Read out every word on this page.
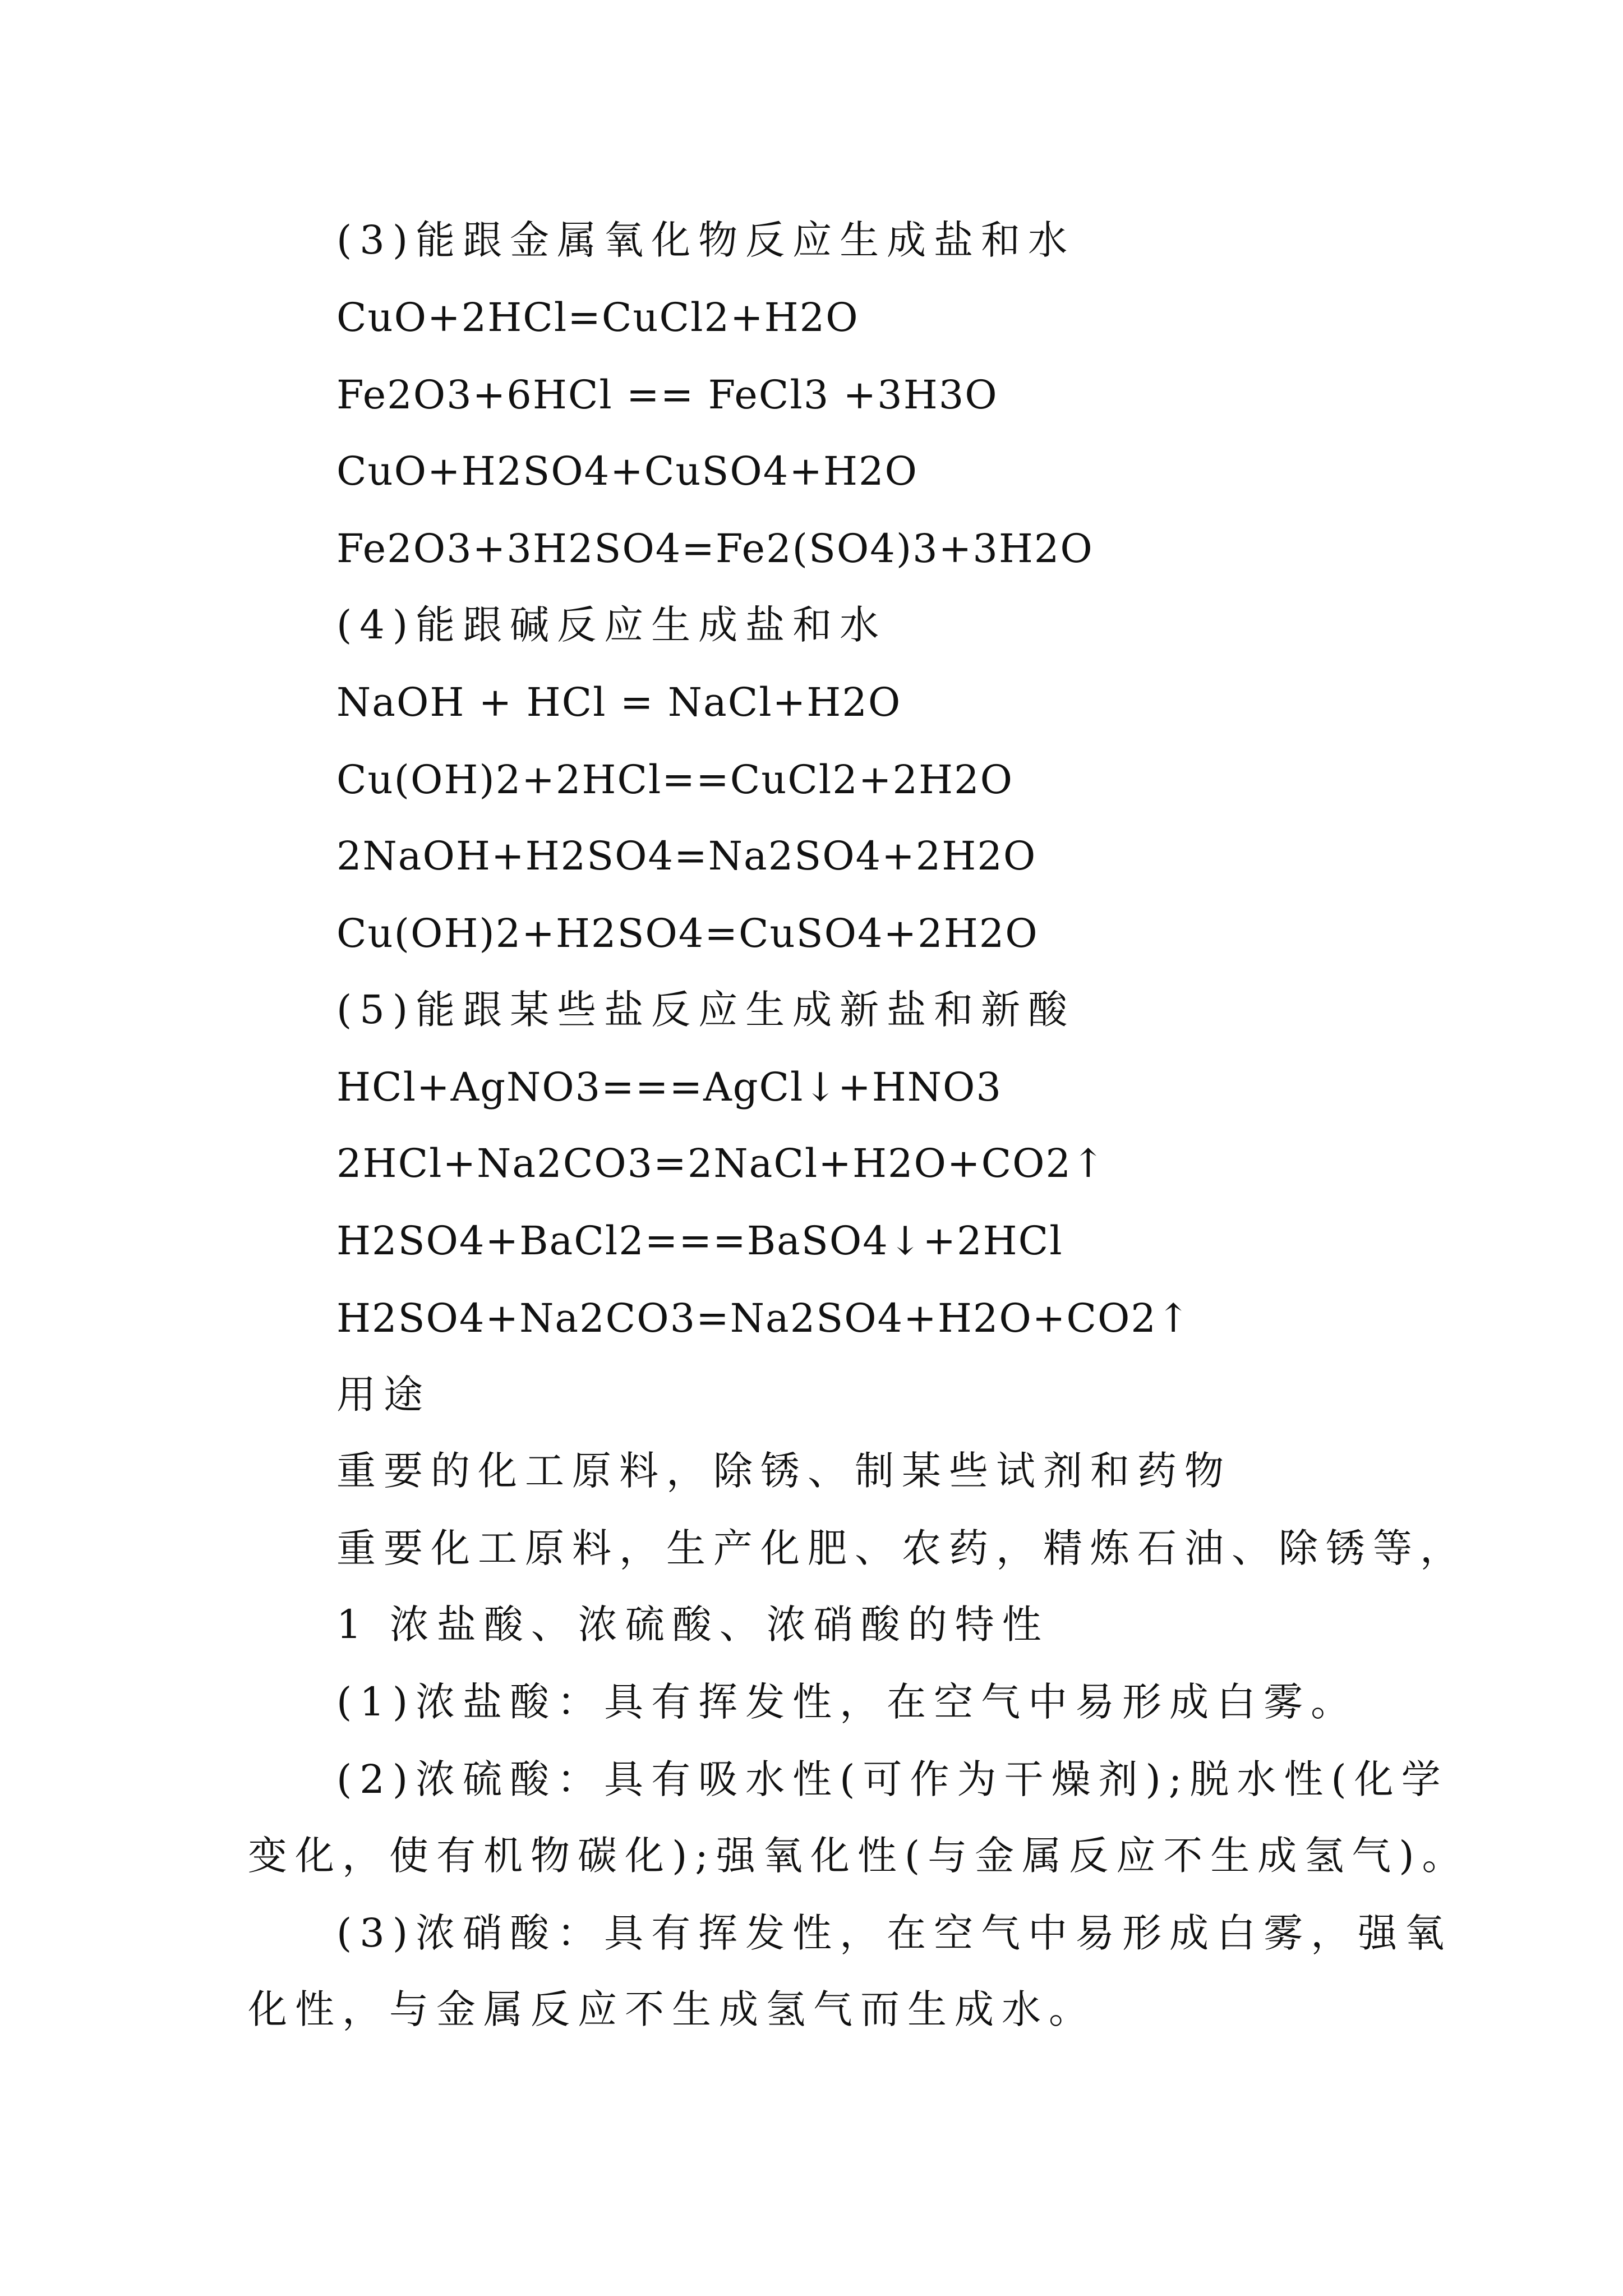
(3)能跟金属氧化物反应生成盐和水
CuO+2HCl=CuCl2+H2O
Fe2O3+6HCl == FeCl3 +3H3O
CuO+H2SO4+CuSO4+H2O
Fe2O3+3H2SO4=Fe2(SO4)3+3H2O
(4)能跟碱反应生成盐和水
NaOH + HCl = NaCl+H2O
Cu(OH)2+2HCl==CuCl2+2H2O
2NaOH+H2SO4=Na2SO4+2H2O
Cu(OH)2+H2SO4=CuSO4+2H2O
(5)能跟某些盐反应生成新盐和新酸
HCl+AgNO3===AgCl↓+HNO3
2HCl+Na2CO3=2NaCl+H2O+CO2↑
H2SO4+BaCl2===BaSO4↓+2HCl
H2SO4+Na2CO3=Na2SO4+H2O+CO2↑
用途
重要的化工原料，除锈、制某些试剂和药物
重要化工原料，生产化肥、农药，精炼石油、除锈等，
1 浓盐酸、浓硫酸、浓硝酸的特性
(1)浓盐酸：具有挥发性，在空气中易形成白雾。
(2)浓硫酸：具有吸水性(可作为干燥剂);脱水性(化学
变化，使有机物碳化);强氧化性(与金属反应不生成氢气)。
(3)浓硝酸：具有挥发性，在空气中易形成白雾，强氧
化性，与金属反应不生成氢气而生成水。
